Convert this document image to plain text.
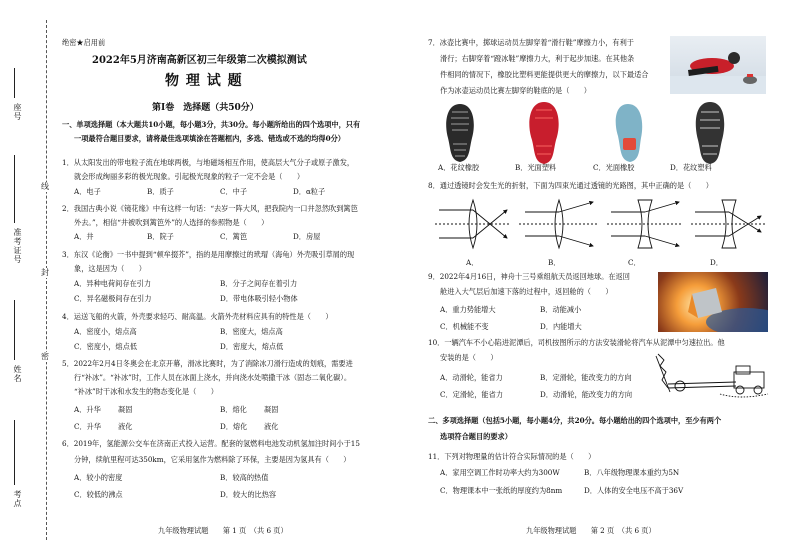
座号
准考证号
姓名
考点
线
封
密
绝密★启用前
2022年5月济南高新区初三年级第二次模拟测试
物 理 试 题
第Ⅰ卷　选择题（共50分）
一、单项选择题（本大题共10小题，每小题3分，共30分。每小题所给出的四个选项中，只有
一项最符合题目要求，请将最佳选项填涂在答题框内，多选、错选或不选的均得0分）
1．从太阳发出的带电粒子流在地球两极，与地磁场相互作用，使高层大气分子或原子激发，
就会形成绚丽多彩的极光现象。引起极光现象的粒子一定不会是（　　）
A．电子	B．质子	C．中子	D．α粒子
2．我国古典小说《镜花缘》中有这样一句话：“去岁一阵大风，把我院内一口井忽然吹到篱笆
外去。”，相信“井被吹到篱笆外”的人选择的参照物是（　　）
A．井	B．院子	C．篱笆	D．房屋
3．东汉《论衡》一书中提到“顿牟掇芥”，指的是用摩擦过的玳瑁（海龟）外壳吸引草屑的现
象，这是因为（　　）
A．异种电荷间存在引力	B．分子之间存在着引力
C．异名磁极间存在引力	D．带电体吸引轻小物体
4．运送飞船的火箭，外壳要求轻巧、耐高温。火箭外壳材料应具有的特性是（　　）
A．密度小，熔点高	B．密度大，熔点高
C．密度小，熔点低	D．密度大，熔点低
5．2022年2月4日冬奥会在北京开幕，滑冰比赛时，为了消除冰刀滑行造成的划痕，需要进
行“补冰”。“补冰”时，工作人员在冰面上浇水，并向浇水处喷撒干冰（固态二氧化碳）。
“补冰”时干冰和水发生的物态变化是（　　）
A．升华 凝固	B．熔化 凝固
C．升华 液化	D．熔化 液化
6．2019年，氢能源公交车在济南正式投入运营。配套的氢燃料电池发动机氢加注时间小于15
分钟，续航里程可达350km，它采用氢作为燃料除了环保，主要是因为氢具有（　　）
A．较小的密度	B．较高的热值
C．较低的沸点	D．较大的比热容
九年级物理试题　　第 1 页　（共 6 页）
7．冰壶比赛中，掷球运动员左脚穿着“滑行鞋”摩擦力小，有利于
滑行；右脚穿着“蹬冰鞋”摩擦力大，利于起步加速。在其他条
件相同的情况下，橡胶比塑料更能提供更大的摩擦力，以下最适合
作为冰壶运动员比赛左脚穿的鞋底的是（　　）
A．花纹橡胶	B．光面塑料	C．光面橡胶	D．花纹塑料
8．通过透镜时会发生光的折射，下面为四束光通过透镜的光路图，其中正确的是（　　）
A．	B．	C．	D．
9．2022年4月16日，神舟十三号乘组航天员返回地球。在返回
舱进入大气层后加速下落的过程中，返回舱的（　　）
A．重力势能增大	B．动能减小
C．机械能不变	D．内能增大
10．一辆汽车不小心陷进泥潭后，司机按图所示的方法安装滑轮将汽车从泥潭中匀速拉出。他
安装的是（　　）
A．动滑轮，能省力	B．定滑轮，能改变力的方向
C．定滑轮，能省力	D．动滑轮，能改变力的方向
二、多项选择题（包括5小题，每小题4分，共20分。每小题给出的四个选项中，至少有两个
选项符合题目的要求）
11．下列对物理量的估计符合实际情况的是（　　）
A．家用空调工作时功率大约为300W	B．八年级物理课本重约为5N
C．物理课本中一张纸的厚度约为8nm	D．人体的安全电压不高于36V
九年级物理试题　　第 2 页　（共 6 页）
